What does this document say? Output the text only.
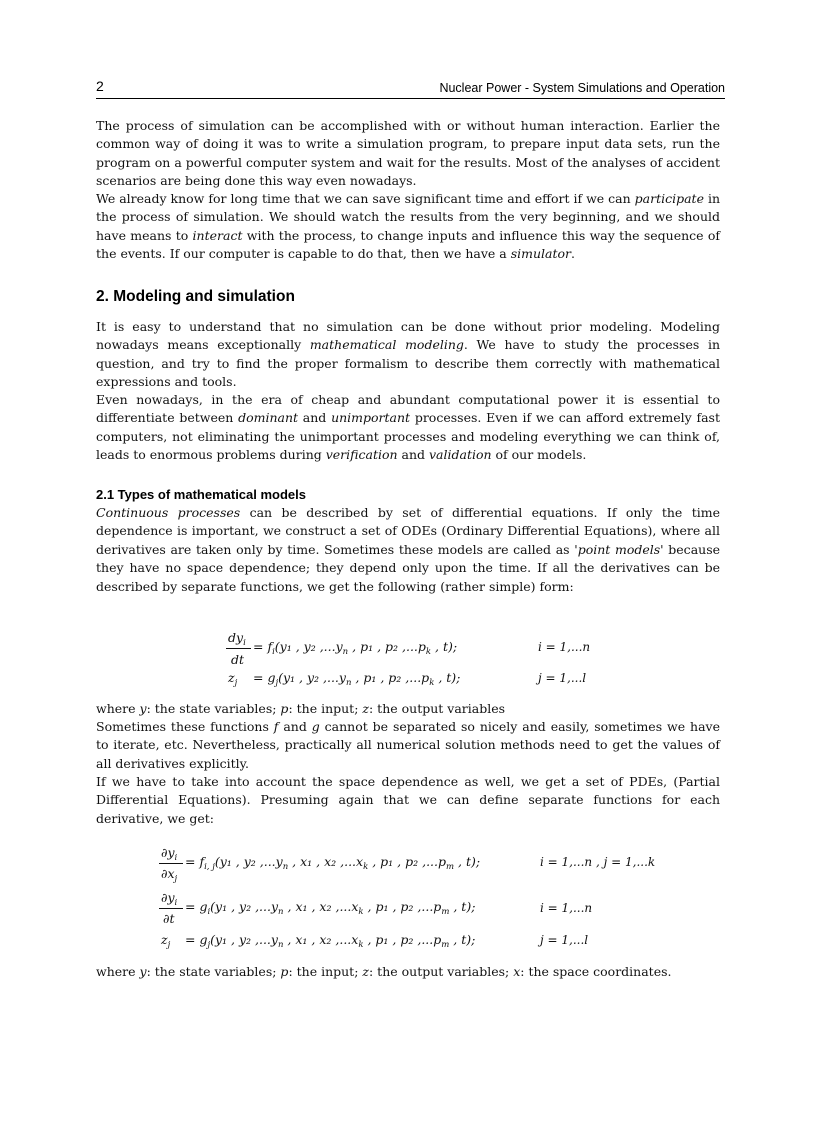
2	Nuclear Power - System Simulations and Operation
The process of simulation can be accomplished with or without human interaction. Earlier the common way of doing it was to write a simulation program, to prepare input data sets, run the program on a powerful computer system and wait for the results. Most of the analyses of accident scenarios are being done this way even nowadays.
We already know for long time that we can save significant time and effort if we can participate in the process of simulation. We should watch the results from the very beginning, and we should have means to interact with the process, to change inputs and influence this way the sequence of the events. If our computer is capable to do that, then we have a simulator.
2. Modeling and simulation
It is easy to understand that no simulation can be done without prior modeling. Modeling nowadays means exceptionally mathematical modeling. We have to study the processes in question, and try to find the proper formalism to describe them correctly with mathematical expressions and tools.
Even nowadays, in the era of cheap and abundant computational power it is essential to differentiate between dominant and unimportant processes. Even if we can afford extremely fast computers, not eliminating the unimportant processes and modeling everything we can think of, leads to enormous problems during verification and validation of our models.
2.1 Types of mathematical models
Continuous processes can be described by set of differential equations. If only the time dependence is important, we construct a set of ODEs (Ordinary Differential Equations), where all derivatives are taken only by time. Sometimes these models are called as 'point models' because they have no space dependence; they depend only upon the time. If all the derivatives can be described by separate functions, we get the following (rather simple) form:
$dy_i$
dt
= $f_i(y_1$ , y₂ $,...y_n$ , p₁ , p₂ $,...p_k$ , t);	i = 1,...n
$z_j = g_j(y_1$ , y₂ $,...y_n$ , p₁ , p₂ $,...p_k$ , t);	j = 1,...l
where y: the state variables; p: the input; z: the output variables
Sometimes these functions f and g cannot be separated so nicely and easily, sometimes we have to iterate, etc. Nevertheless, practically all numerical solution methods need to get the values of all derivatives explicitly.
If we have to take into account the space dependence as well, we get a set of PDEs, (Partial Differential Equations). Presuming again that we can define separate functions for each derivative, we get:
$\partial y_i$
$\partial x_j$
= $f_{i, j}(y_1$ , y₂ $,...y_n$ , x₁ , x₂ $,...x_k$ , p₁ , p₂ $,...p_m$ , t);	i = 1,...n , j = 1,...k
$\partial y_i$
∂t
= $g_i(y_1$ , y₂ $,...y_n$ , x₁ , x₂ $,...x_k$ , p₁ , p₂ $,...p_m$ , t);	i = 1,...n
$z_j = g_j(y_1$ , y₂ $,...y_n$ , x₁ , x₂ $,...x_k$ , p₁ , p₂ $,...p_m$ , t);	j = 1,...l
where y: the state variables; p: the input; z: the output variables; x: the space coordinates.
